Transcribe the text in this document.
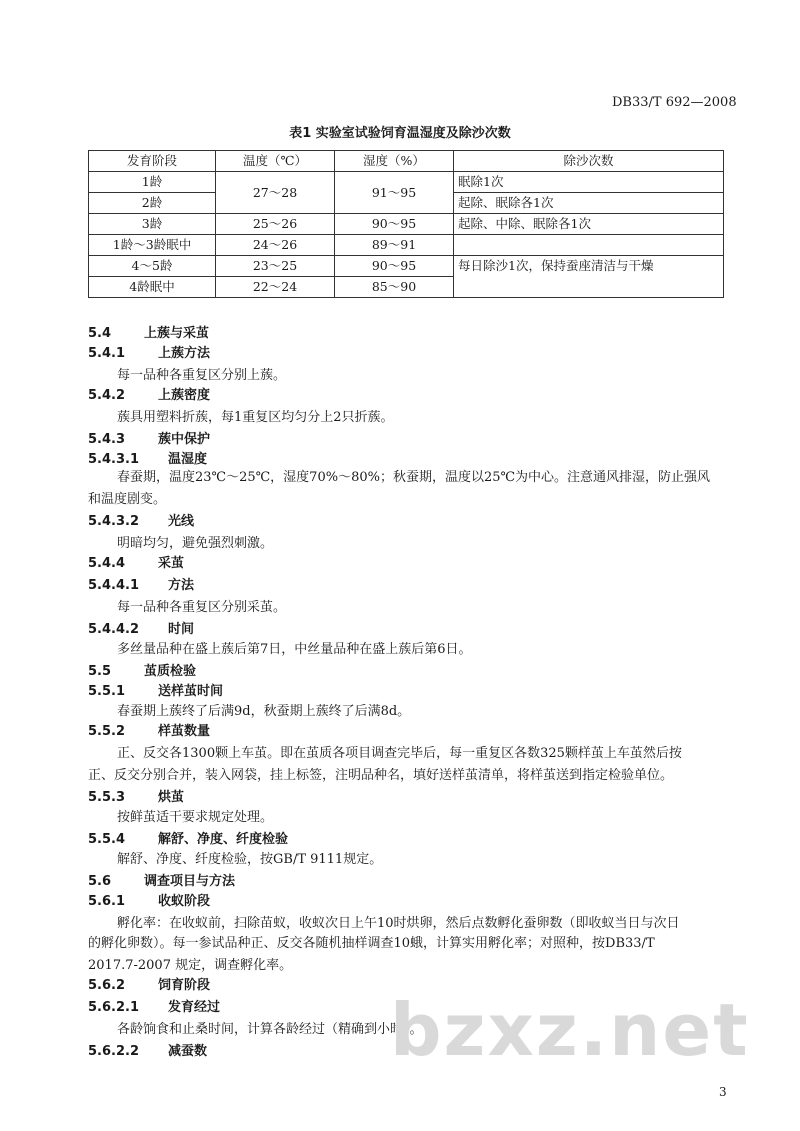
DB33/T 692—2008
表1 实验室试验饲育温湿度及除沙次数
发育阶段	温度（℃）	湿度（%）	除沙次数
1龄	27～28	91～95	眠除1次
2龄			起除、眠除各1次
3龄	25～26	90～95	起除、中除、眠除各1次
1龄～3龄眠中	24～26	89～91	
4～5龄	23～25	90～95	每日除沙1次，保持蚕座清洁与干燥
4龄眠中	22～24	85～90	
5.4	上蔟与采茧
5.4.1	上蔟方法
每一品种各重复区分别上蔟。
5.4.2	上蔟密度
蔟具用塑料折蔟，每1重复区均匀分上2只折蔟。
5.4.3	蔟中保护
5.4.3.1 温湿度
春蚕期，温度23℃～25℃，湿度70%～80%；秋蚕期，温度以25℃为中心。注意通风排湿，防止强风
和温度剧变。
5.4.3.2 光线
明暗均匀，避免强烈刺激。
5.4.4	采茧
5.4.4.1 方法
每一品种各重复区分别采茧。
5.4.4.2 时间
多丝量品种在盛上蔟后第7日，中丝量品种在盛上蔟后第6日。
5.5	茧质检验
5.5.1	送样茧时间
春蚕期上蔟终了后满9d，秋蚕期上蔟终了后满8d。
5.5.2	样茧数量
正、反交各1300颗上车茧。即在茧质各项目调查完毕后，每一重复区各数325颗样茧上车茧然后按
正、反交分别合并，装入网袋，挂上标签，注明品种名，填好送样茧清单，将样茧送到指定检验单位。
5.5.3	烘茧
按鲜茧适干要求规定处理。
5.5.4	解舒、净度、纤度检验
解舒、净度、纤度检验，按GB/T 9111规定。
5.6	调查项目与方法
5.6.1	收蚁阶段
孵化率：在收蚁前，扫除苗蚁，收蚁次日上午10时烘卵，然后点数孵化蚕卵数（即收蚁当日与次日
的孵化卵数）。每一参试品种正、反交各随机抽样调查10蛾，计算实用孵化率；对照种，按DB33/T
2017.7-2007 规定，调查孵化率。
5.6.2	饲育阶段
5.6.2.1 发育经过
各龄饷食和止桑时间，计算各龄经过（精确到小时）。
5.6.2.2 减蚕数
3
bzxz.net
